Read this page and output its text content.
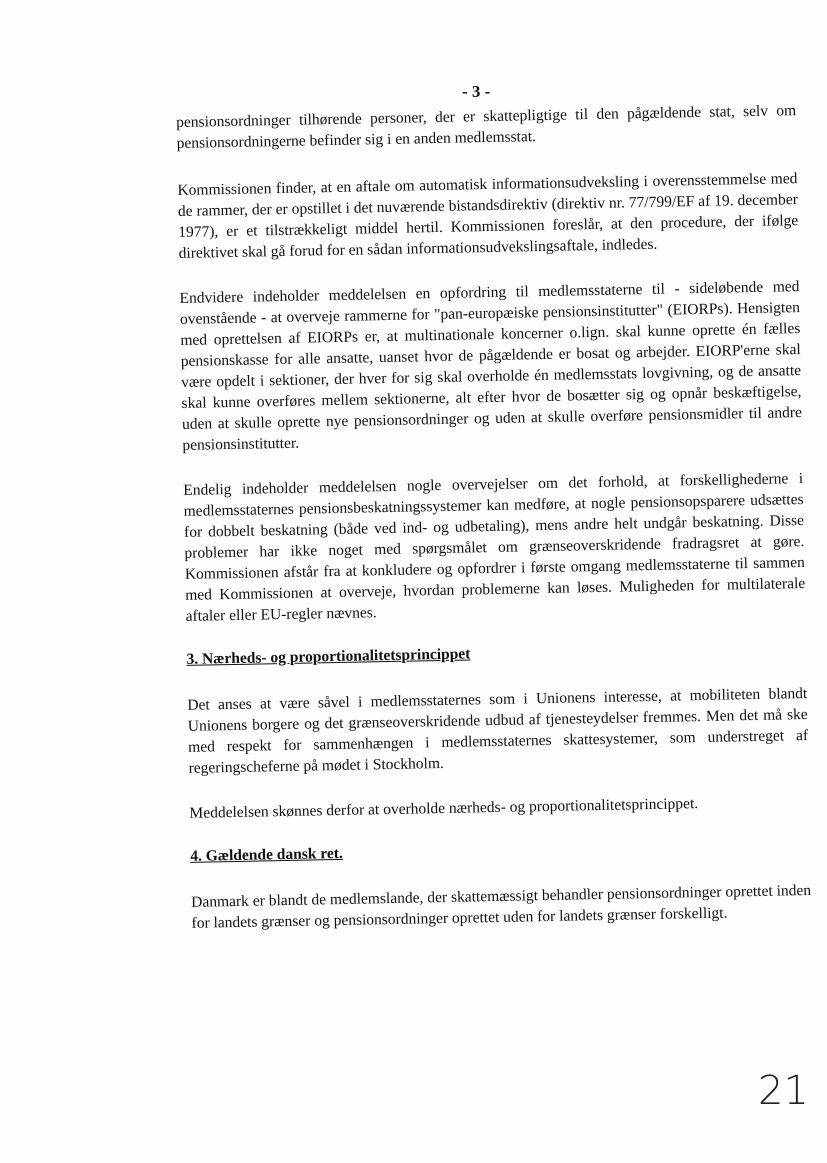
- 3 -

pensionsordninger tilhørende personer, der er skattepligtige til den pågældende stat, selv om pensionsordningerne befinder sig i en anden medlemsstat.

Kommissionen finder, at en aftale om automatisk informationsudveksling i overensstemmelse med de rammer, der er opstillet i det nuværende bistandsdirektiv (direktiv nr. 77/799/EF af 19. december 1977), er et tilstrækkeligt middel hertil. Kommissionen foreslår, at den procedure, der ifølge direktivet skal gå forud for en sådan informationsudvekslingsaftale, indledes.

Endvidere indeholder meddelelsen en opfordring til medlemsstaterne til - sideløbende med ovenstående - at overveje rammerne for "pan-europæiske pensionsinstitutter" (EIORPs). Hensigten med oprettelsen af EIORPs er, at multinationale koncerner o.lign. skal kunne oprette én fælles pensionskasse for alle ansatte, uanset hvor de pågældende er bosat og arbejder. EIORP'erne skal være opdelt i sektioner, der hver for sig skal overholde én medlemsstats lovgivning, og de ansatte skal kunne overføres mellem sektionerne, alt efter hvor de bosætter sig og opnår beskæftigelse, uden at skulle oprette nye pensionsordninger og uden at skulle overføre pensionsmidler til andre pensionsinstitutter.

Endelig indeholder meddelelsen nogle overvejelser om det forhold, at forskellighederne i medlemsstaternes pensionsbeskatningssystemer kan medføre, at nogle pensionsopsparere udsættes for dobbelt beskatning (både ved ind- og udbetaling), mens andre helt undgår beskatning. Disse problemer har ikke noget med spørgsmålet om grænseoverskridende fradragsret at gøre. Kommissionen afstår fra at konkludere og opfordrer i første omgang medlemsstaterne til sammen med Kommissionen at overveje, hvordan problemerne kan løses. Muligheden for multilaterale aftaler eller EU-regler nævnes.

3. Nærheds- og proportionalitetsprincippet

Det anses at være såvel i medlemsstaternes som i Unionens interesse, at mobiliteten blandt Unionens borgere og det grænseoverskridende udbud af tjenesteydelser fremmes. Men det må ske med respekt for sammenhængen i medlemsstaternes skattesystemer, som understreget af regeringscheferne på mødet i Stockholm.

Meddelelsen skønnes derfor at overholde nærheds- og proportionalitetsprincippet.

4. Gældende dansk ret.

Danmark er blandt de medlemslande, der skattemæssigt behandler pensionsordninger oprettet inden for landets grænser og pensionsordninger oprettet uden for landets grænser forskelligt.

21
